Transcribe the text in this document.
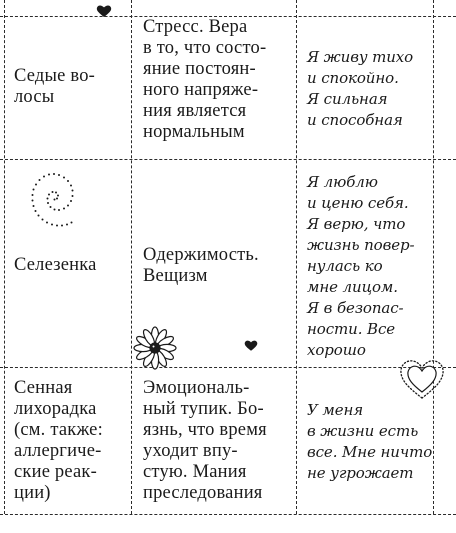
Седые во-
лосы
Стресс. Вера
в то, что состо-
яние постоян-
ного напряже-
ния является
нормальным
Я живу тихо
и спокойно.
Я сильная
и способная
Селезенка	Одержимость.
Вещизм
Я люблю
и ценю себя.
Я верю, что
жизнь повер-
нулась ко
мне лицом.
Я в безопас-
ности. Все
хорошо
Сенная
лихорадка
(см. также:
аллергиче-
ские реак-
ции)
Эмоциональ-
ный тупик. Бо-
язнь, что время
уходит впу-
стую. Мания
преследования
У меня
в жизни есть
все. Мне ничто
не угрожает
